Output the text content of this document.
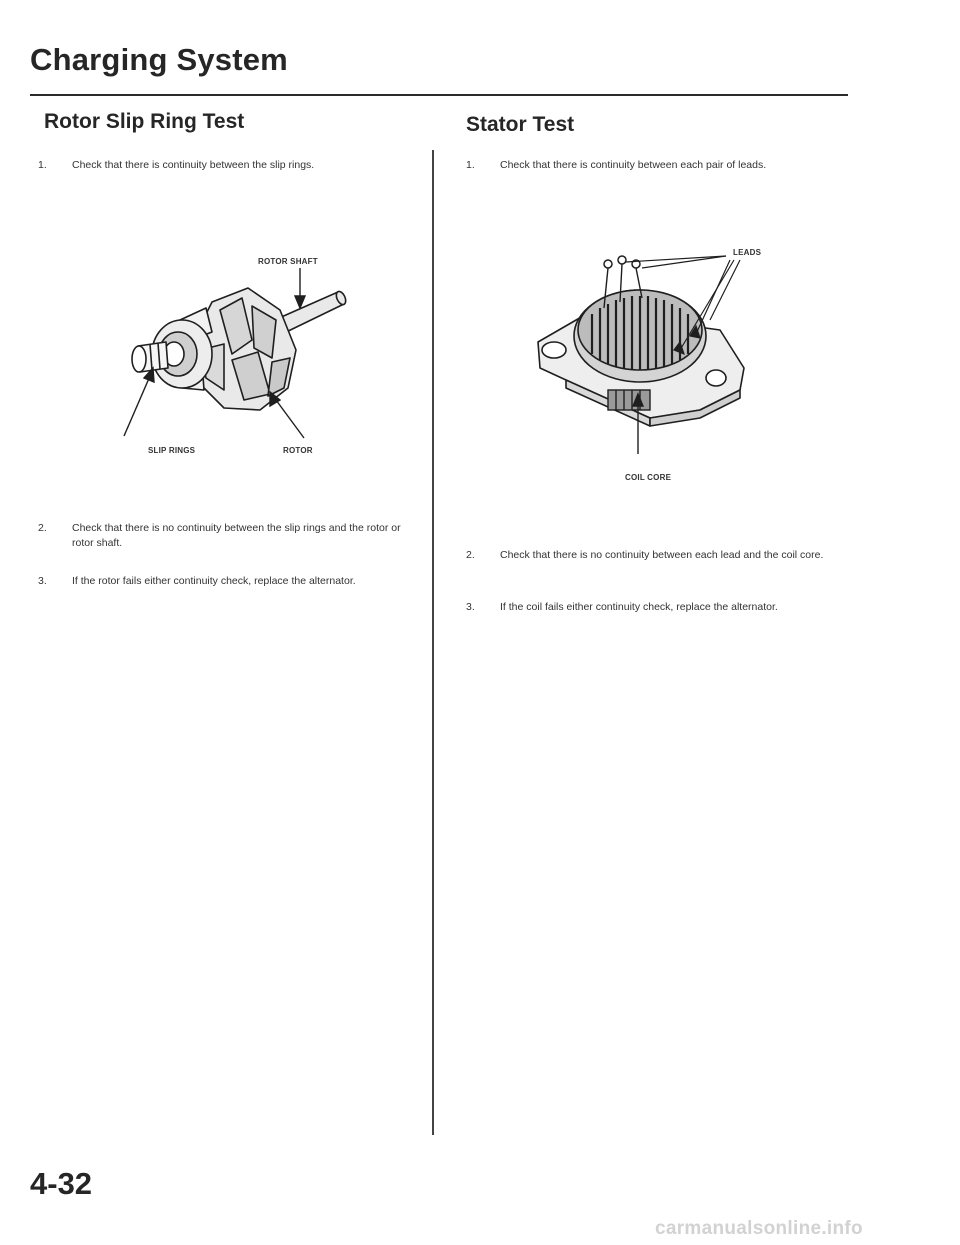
Charging System
Rotor Slip Ring Test
1.	Check that there is continuity between the slip rings.
ROTOR SHAFT
SLIP RINGS	ROTOR
2.	Check that there is no continuity between the slip rings and the rotor or rotor shaft.
3.	If the rotor fails either continuity check, replace the alternator.
Stator Test
1.	Check that there is continuity between each pair of leads.
LEADS
COIL CORE
2.	Check that there is no continuity between each lead and the coil core.
3.	If the coil fails either continuity check, replace the alternator.
4-32
carmanualsonline.info
